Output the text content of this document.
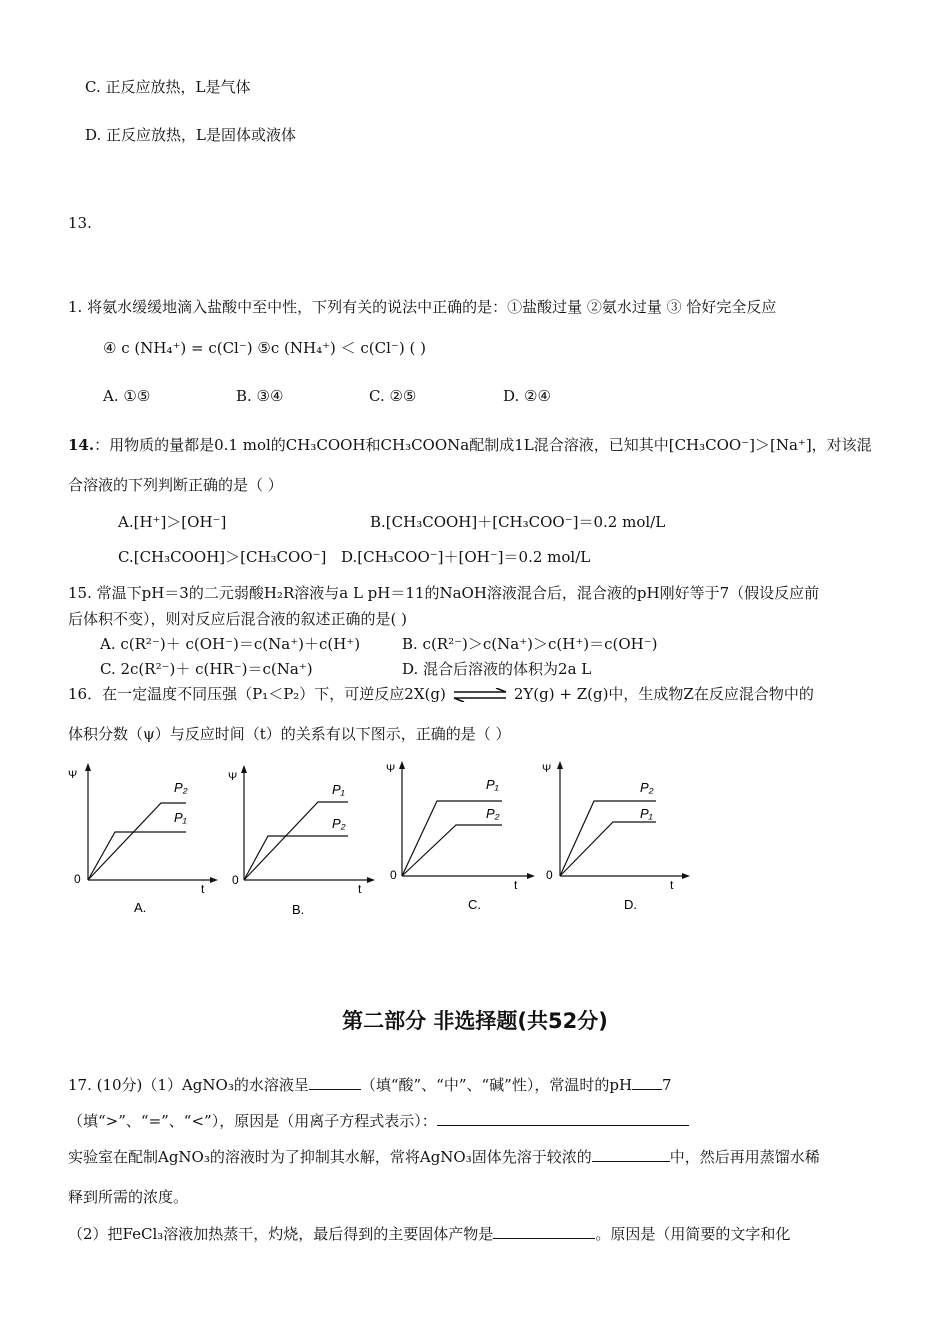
C. 正反应放热，L是气体
D. 正反应放热，L是固体或液体
13.
1. 将氨水缓缓地滴入盐酸中至中性，下列有关的说法中正确的是：①盐酸过量 ②氨水过量 ③ 恰好完全反应
④ c (NH₄⁺) = c(Cl⁻) ⑤c (NH₄⁺) ＜ c(Cl⁻) ( )
A. ①⑤	B. ③④	C. ②⑤	D. ②④
14.：用物质的量都是0.1 mol的CH₃COOH和CH₃COONa配制成1L混合溶液，已知其中[CH₃COO⁻]＞[Na⁺]，对该混
合溶液的下列判断正确的是（ ）
A.[H⁺]＞[OH⁻]	B.[CH₃COOH]＋[CH₃COO⁻]＝0.2 mol/L
C.[CH₃COOH]＞[CH₃COO⁻] D.[CH₃COO⁻]＋[OH⁻]＝0.2 mol/L
15. 常温下pH＝3的二元弱酸H₂R溶液与a L pH＝11的NaOH溶液混合后，混合液的pH刚好等于7（假设反应前
后体积不变），则对反应后混合液的叙述正确的是( )
A. c(R²⁻)＋ c(OH⁻)＝c(Na⁺)＋c(H⁺)	B. c(R²⁻)＞c(Na⁺)＞c(H⁺)＝c(OH⁻)
C. 2c(R²⁻)＋ c(HR⁻)＝c(Na⁺)	D. 混合后溶液的体积为2a L
16．在一定温度不同压强（P₁＜P₂）下，可逆反应2X(g) ⇌ 2Y(g) + Z(g)中，生成物Z在反应混合物中的
体积分数（ψ）与反应时间（t）的关系有以下图示，正确的是（ ）
Ψ
0
t
P₂
P₁
A.
Ψ
0
t
P₁
P₂
B.
Ψ
0
t
P₁
P₂
C.
Ψ
0
t
P₂
P₁
D.
第二部分 非选择题(共52分)
17. (10分)（1）AgNO₃的水溶液呈	（填“酸”、“中”、“碱”性），常温时的pH 7
（填“>”、“=”、“<”），原因是（用离子方程式表示）：
实验室在配制AgNO₃的溶液时为了抑制其水解，常将AgNO₃固体先溶于较浓的	中，然后再用蒸馏水稀
释到所需的浓度。
（2）把FeCl₃溶液加热蒸干，灼烧，最后得到的主要固体产物是	。原因是（用简要的文字和化
